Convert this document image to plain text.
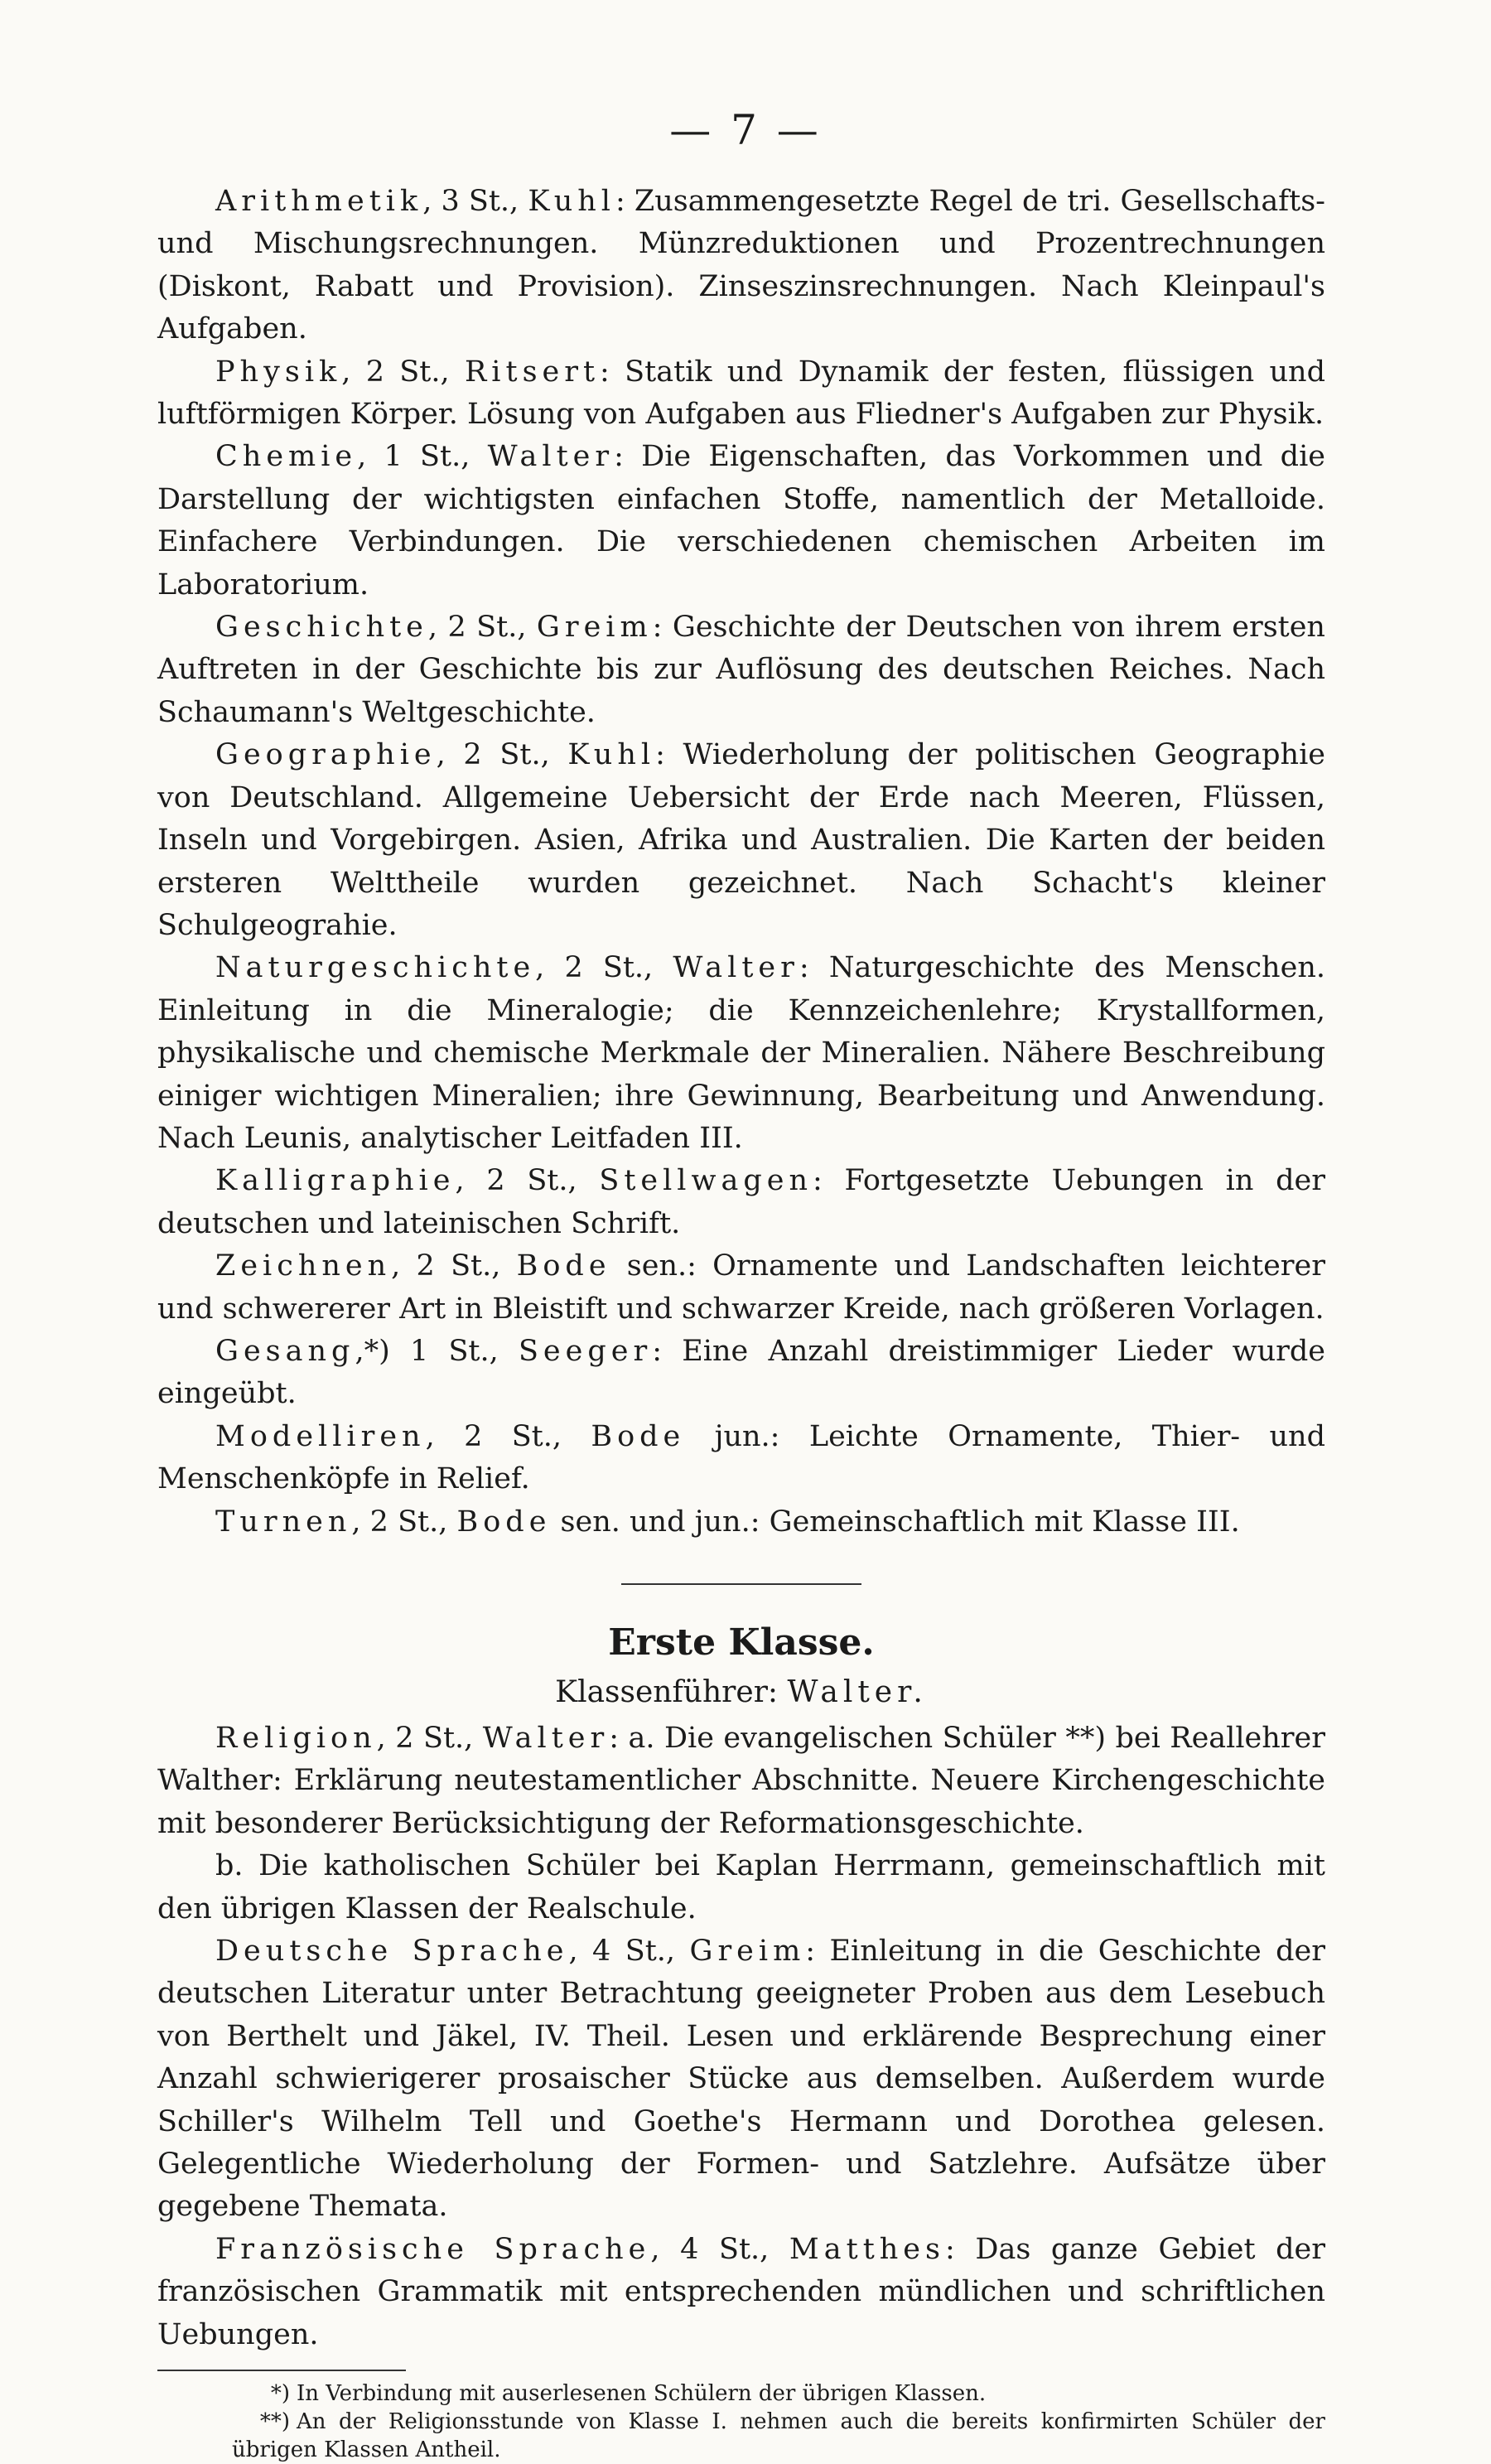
— 7 —

Arithmetik, 3 St., Kuhl: Zusammengesetzte Regel de tri. Gesellschafts- und Mischungsrechnungen. Münzreduktionen und Prozentrechnungen (Diskont, Rabatt und Provision). Zinseszinsrechnungen. Nach Kleinpaul's Aufgaben.

Physik, 2 St., Ritsert: Statik und Dynamik der festen, flüssigen und luftförmigen Körper. Lösung von Aufgaben aus Fliedner's Aufgaben zur Physik.

Chemie, 1 St., Walter: Die Eigenschaften, das Vorkommen und die Darstellung der wichtigsten einfachen Stoffe, namentlich der Metalloide. Einfachere Verbindungen. Die verschiedenen chemischen Arbeiten im Laboratorium.

Geschichte, 2 St., Greim: Geschichte der Deutschen von ihrem ersten Auftreten in der Geschichte bis zur Auflösung des deutschen Reiches. Nach Schaumann's Weltgeschichte.

Geographie, 2 St., Kuhl: Wiederholung der politischen Geographie von Deutschland. Allgemeine Uebersicht der Erde nach Meeren, Flüssen, Inseln und Vorgebirgen. Asien, Afrika und Australien. Die Karten der beiden ersteren Welttheile wurden gezeichnet. Nach Schacht's kleiner Schulgeograhie.

Naturgeschichte, 2 St., Walter: Naturgeschichte des Menschen. Einleitung in die Mineralogie; die Kennzeichenlehre; Krystallformen, physikalische und chemische Merkmale der Mineralien. Nähere Beschreibung einiger wichtigen Mineralien; ihre Gewinnung, Bearbeitung und Anwendung. Nach Leunis, analytischer Leitfaden III.

Kalligraphie, 2 St., Stellwagen: Fortgesetzte Uebungen in der deutschen und lateinischen Schrift.

Zeichnen, 2 St., Bode sen.: Ornamente und Landschaften leichterer und schwererer Art in Bleistift und schwarzer Kreide, nach größeren Vorlagen.

Gesang,*) 1 St., Seeger: Eine Anzahl dreistimmiger Lieder wurde eingeübt.

Modelliren, 2 St., Bode jun.: Leichte Ornamente, Thier- und Menschenköpfe in Relief.

Turnen, 2 St., Bode sen. und jun.: Gemeinschaftlich mit Klasse III.

Erste Klasse.

Klassenführer: Walter.

Religion, 2 St., Walter: a. Die evangelischen Schüler **) bei Reallehrer Walther: Erklärung neutestamentlicher Abschnitte. Neuere Kirchengeschichte mit besonderer Berücksichtigung der Reformationsgeschichte.

b. Die katholischen Schüler bei Kaplan Herrmann, gemeinschaftlich mit den übrigen Klassen der Realschule.

Deutsche Sprache, 4 St., Greim: Einleitung in die Geschichte der deutschen Literatur unter Betrachtung geeigneter Proben aus dem Lesebuch von Berthelt und Jäkel, IV. Theil. Lesen und erklärende Besprechung einer Anzahl schwierigerer prosaischer Stücke aus demselben. Außerdem wurde Schiller's Wilhelm Tell und Goethe's Hermann und Dorothea gelesen. Gelegentliche Wiederholung der Formen- und Satzlehre. Aufsätze über gegebene Themata.

Französische Sprache, 4 St., Matthes: Das ganze Gebiet der französischen Grammatik mit entsprechenden mündlichen und schriftlichen Uebungen.

*) In Verbindung mit auserlesenen Schülern der übrigen Klassen.

**) An der Religionsstunde von Klasse I. nehmen auch die bereits konfirmirten Schüler der übrigen Klassen Antheil.
